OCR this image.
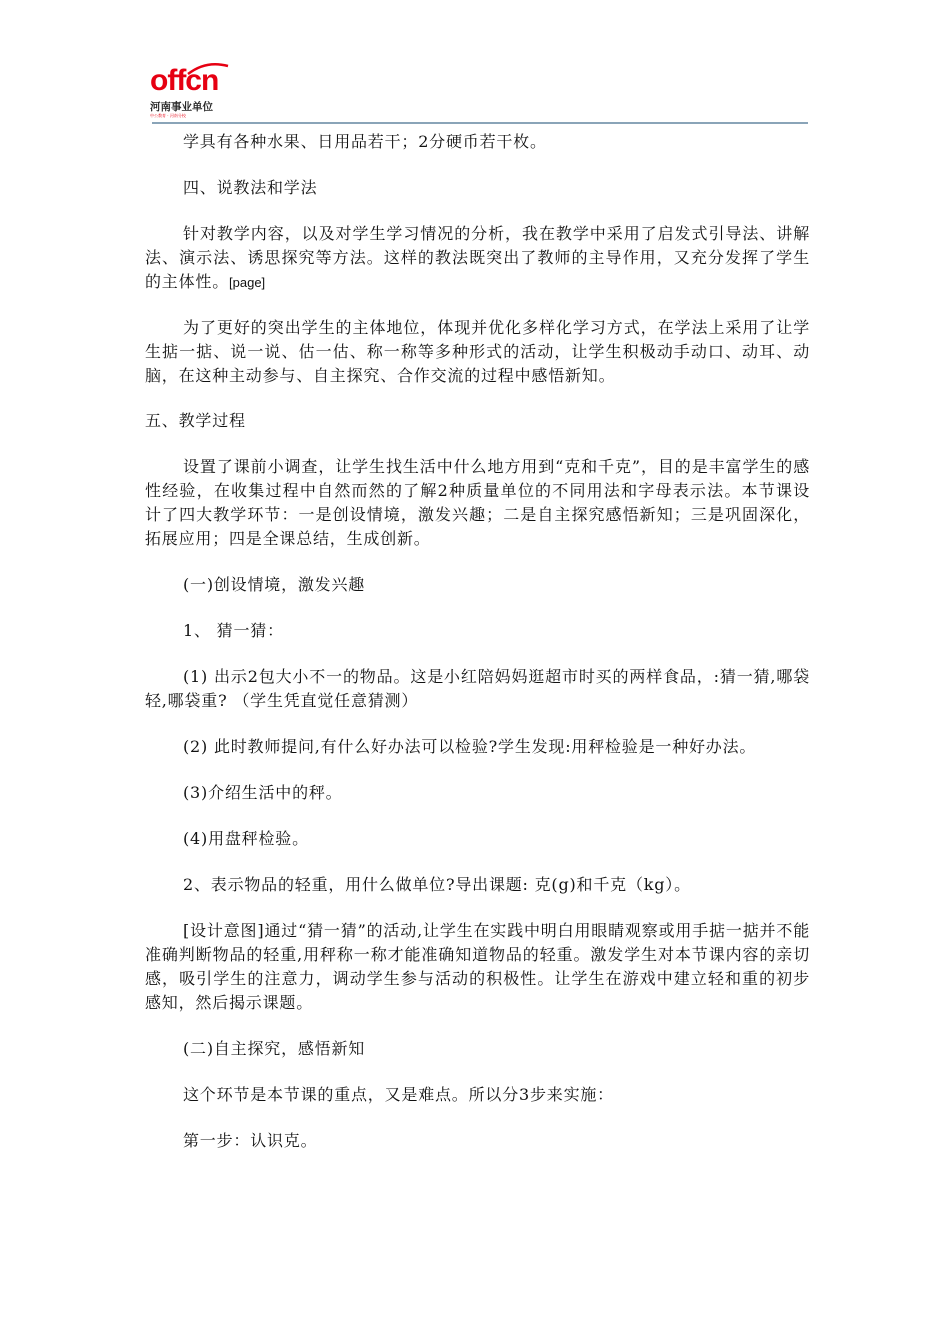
offcn
河南事业单位
中公教育 · 河南分校

学具有各种水果、日用品若干；2分硬币若干枚。

四、说教法和学法

针对教学内容，以及对学生学习情况的分析，我在教学中采用了启发式引导法、讲解法、演示法、诱思探究等方法。这样的教法既突出了教师的主导作用，又充分发挥了学生的主体性。[page]

为了更好的突出学生的主体地位，体现并优化多样化学习方式，在学法上采用了让学生掂一掂、说一说、估一估、称一称等多种形式的活动，让学生积极动手动口、动耳、动脑，在这种主动参与、自主探究、合作交流的过程中感悟新知。

五、教学过程

设置了课前小调查，让学生找生活中什么地方用到“克和千克”，目的是丰富学生的感性经验，在收集过程中自然而然的了解2种质量单位的不同用法和字母表示法。本节课设计了四大教学环节：一是创设情境，激发兴趣；二是自主探究感悟新知；三是巩固深化，拓展应用；四是全课总结，生成创新。

(一)创设情境，激发兴趣

1、 猜一猜：

(1) 出示2包大小不一的物品。这是小红陪妈妈逛超市时买的两样食品，:猜一猜,哪袋轻,哪袋重? （学生凭直觉任意猜测）

(2) 此时教师提问,有什么好办法可以检验?学生发现:用秤检验是一种好办法。

(3)介绍生活中的秤。

(4)用盘秤检验。

2、表示物品的轻重，用什么做单位?导出课题: 克(g)和千克（kg）。

[设计意图]通过“猜一猜”的活动,让学生在实践中明白用眼睛观察或用手掂一掂并不能准确判断物品的轻重,用秤称一称才能准确知道物品的轻重。激发学生对本节课内容的亲切感，吸引学生的注意力，调动学生参与活动的积极性。让学生在游戏中建立轻和重的初步感知，然后揭示课题。

(二)自主探究，感悟新知

这个环节是本节课的重点，又是难点。所以分3步来实施：

第一步：认识克。
